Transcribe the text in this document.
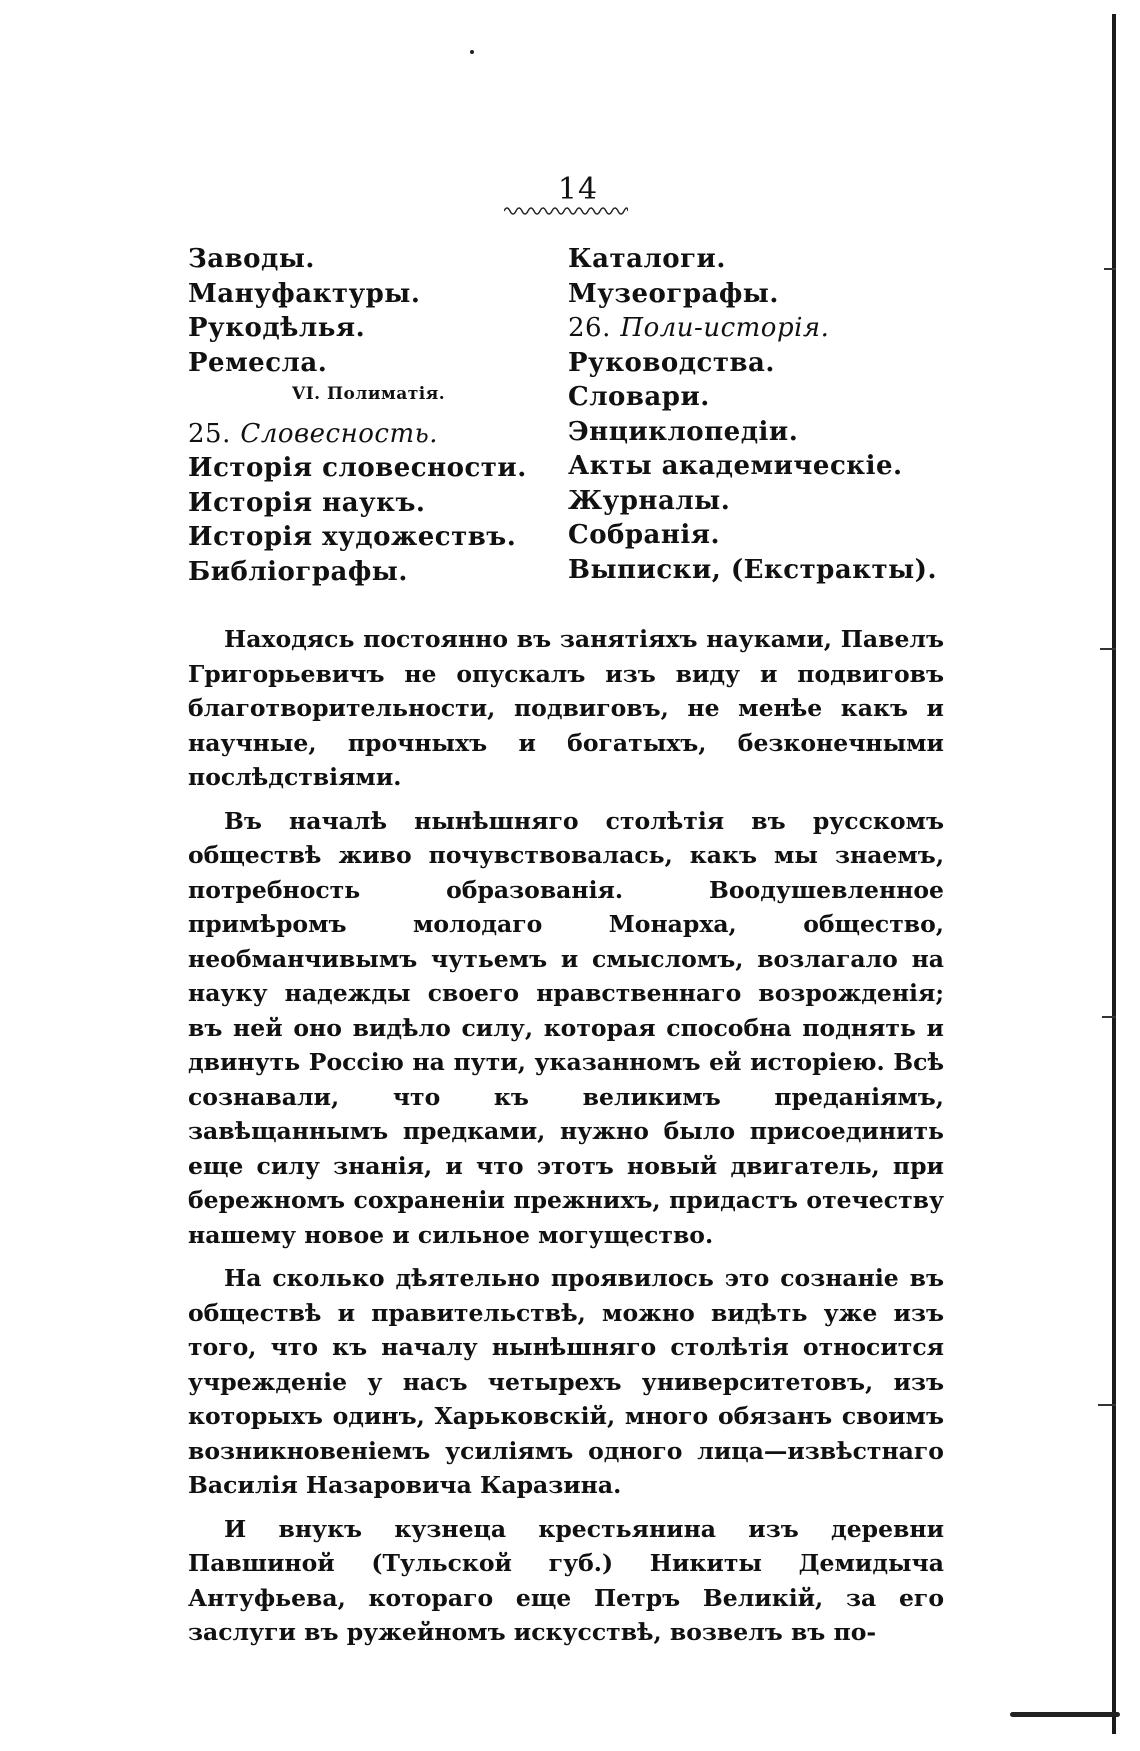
14
Заводы.
Мануфактуры.
Рукодѣлья.
Ремесла.
VI. Полиматія.
25. Словесность.
Исторія словесности.
Исторія наукъ.
Исторія художествъ.
Библіографы.
Каталоги.
Музеографы.
26. Поли-исторія.
Руководства.
Словари.
Энциклопедіи.
Акты академическіе.
Журналы.
Собранія.
Выписки, (Екстракты).

Находясь постоянно въ занятіяхъ науками, Павелъ Григорьевичъ не опускалъ изъ виду и подвиговъ благотворительности, подвиговъ, не менѣе какъ и научные, прочныхъ и богатыхъ, безконечными послѣдствіями.

Въ началѣ нынѣшняго столѣтія въ русскомъ обществѣ живо почувствовалась, какъ мы знаемъ, потребность образованія. Воодушевленное примѣромъ молодаго Монарха, общество, необманчивымъ чутьемъ и смысломъ, возлагало на науку надежды своего нравственнаго возрожденія; въ ней оно видѣло силу, которая способна поднять и двинуть Россію на пути, указанномъ ей исторіею. Всѣ сознавали, что къ великимъ преданіямъ, завѣщаннымъ предками, нужно было присоединить еще силу знанія, и что этотъ новый двигатель, при бережномъ сохраненіи прежнихъ, придастъ отечеству нашему новое и сильное могущество.

На сколько дѣятельно проявилось это сознаніе въ обществѣ и правительствѣ, можно видѣть уже изъ того, что къ началу нынѣшняго столѣтія относится учрежденіе у насъ четырехъ университетовъ, изъ которыхъ одинъ, Харьковскій, много обязанъ своимъ возникновеніемъ усиліямъ одного лица—извѣстнаго Василія Назаровича Каразина.

И внукъ кузнеца крестьянина изъ деревни Павшиной (Тульской губ.) Никиты Демидыча Антуфьева, котораго еще Петръ Великій, за его заслуги въ ружейномъ искусствѣ, возвелъ въ по-
